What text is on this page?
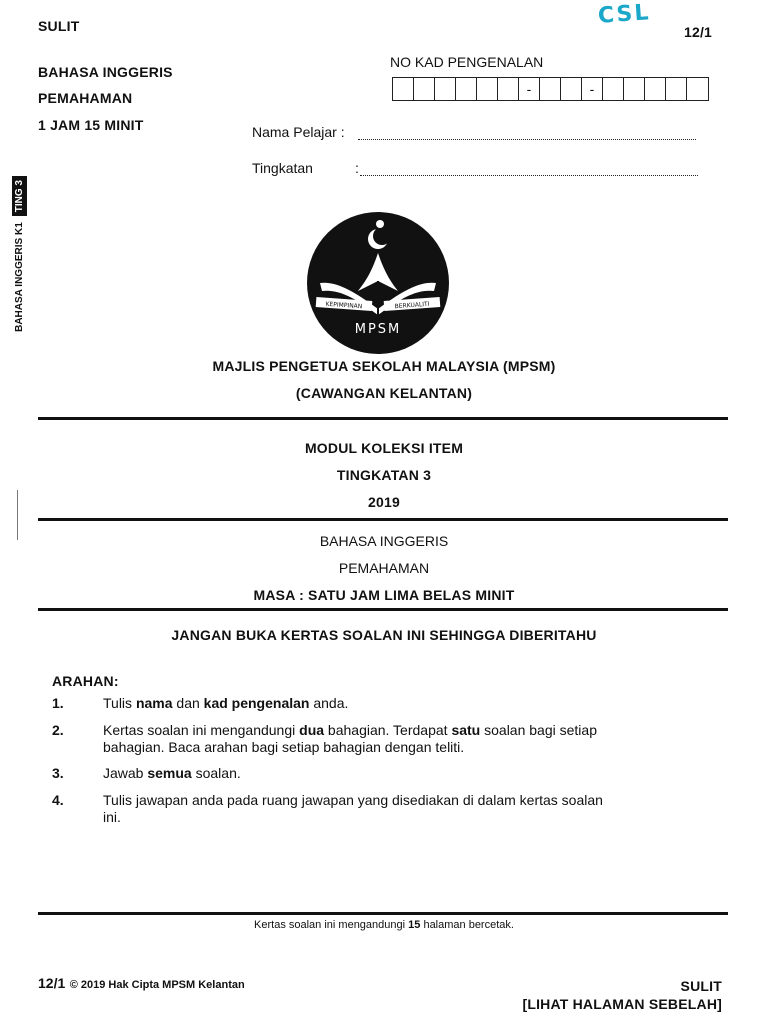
SULIT	CSL
12/1
BAHASA INGGERIS
PEMAHAMAN
1 JAM 15 MINIT
BAHASA INGGERIS K1
TING 3
NO KAD PENGENALAN
-	-
Nama Pelajar :
Tingkatan	:
KEPIMPINAN	BERKUALITI
MPSM
MAJLIS PENGETUA SEKOLAH MALAYSIA (MPSM)
(CAWANGAN KELANTAN)
MODUL KOLEKSI ITEM
TINGKATAN 3
2019
BAHASA INGGERIS
PEMAHAMAN
MASA : SATU JAM LIMA BELAS MINIT
JANGAN BUKA KERTAS SOALAN INI SEHINGGA DIBERITAHU
ARAHAN:
1.	Tulis nama dan kad pengenalan anda.
2.	Kertas soalan ini mengandungi dua bahagian. Terdapat satu soalan bagi setiap bahagian. Baca arahan bagi setiap bahagian dengan teliti.
3.	Jawab semua soalan.
4.	Tulis jawapan anda pada ruang jawapan yang disediakan di dalam kertas soalan ini.
Kertas soalan ini mengandungi 15 halaman bercetak.
12/1 © 2019 Hak Cipta MPSM Kelantan	SULIT
[LIHAT HALAMAN SEBELAH]
